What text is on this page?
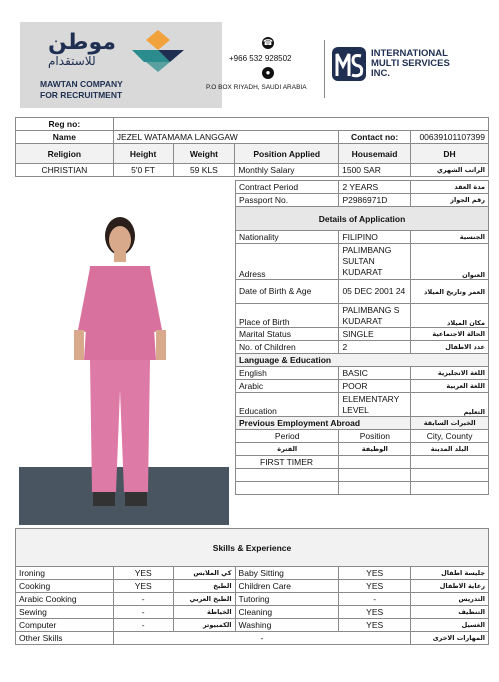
موطن
للاستقدام
MAWTAN COMPANY
FOR RECRUITMENT
☎
+966 532 928502
●
P.O BOX RIYADH, SAUDI ARABIA
INTERNATIONAL
MULTI SERVICES
INC.
Reg no:					
Name	JEZEL WATAMAMA LANGGAW			Contact no:	00639101107399
Religion	Height	Weight	Position Applied	Housemaid	DH
CHRISTIAN	5'0 FT	59 KLS	Monthly Salary	1500 SAR	الراتب الشهري
Contract Period	2 YEARS	مدة العقد
Passport No.	P2986971D	رقم الجواز
Details of Application		
Nationality	FILIPINO	الجنسية
Adress	PALIMBANG SULTAN KUDARAT	العنوان
Date of Birth & Age	05 DEC 2001 24	العمر وتاريخ الميلاد
Place of Birth	PALIMBANG S KUDARAT	مكان الميلاد
Marital Status	SINGLE	الحالة الاجتماعية
No. of Children	2	عدد الاطفال
Language & Education		
English	BASIC	اللغة الانجليزية
Arabic	POOR	اللغة العربية
Education	ELEMENTARY LEVEL	التعليم
Previous Employment Abroad		الخبرات السابقة
Period	Position	City, County
الفترة	الوظيفة	البلد المدينة
FIRST TIMER		

Skills & Experience					
Ironing	YES	كي الملابس	Baby Sitting	YES	جليسة اطفال
Cooking	YES	الطبخ	Children Care	YES	رعاية الاطفال
Arabic Cooking	-	الطبخ العربي	Tutoring	-	التدريس
Sewing	-	الخياطة	Cleaning	YES	التنظيف
Computer	-	الكمبيوتر	Washing	YES	الغسيل
Other Skills	-				المهارات الاخرى
